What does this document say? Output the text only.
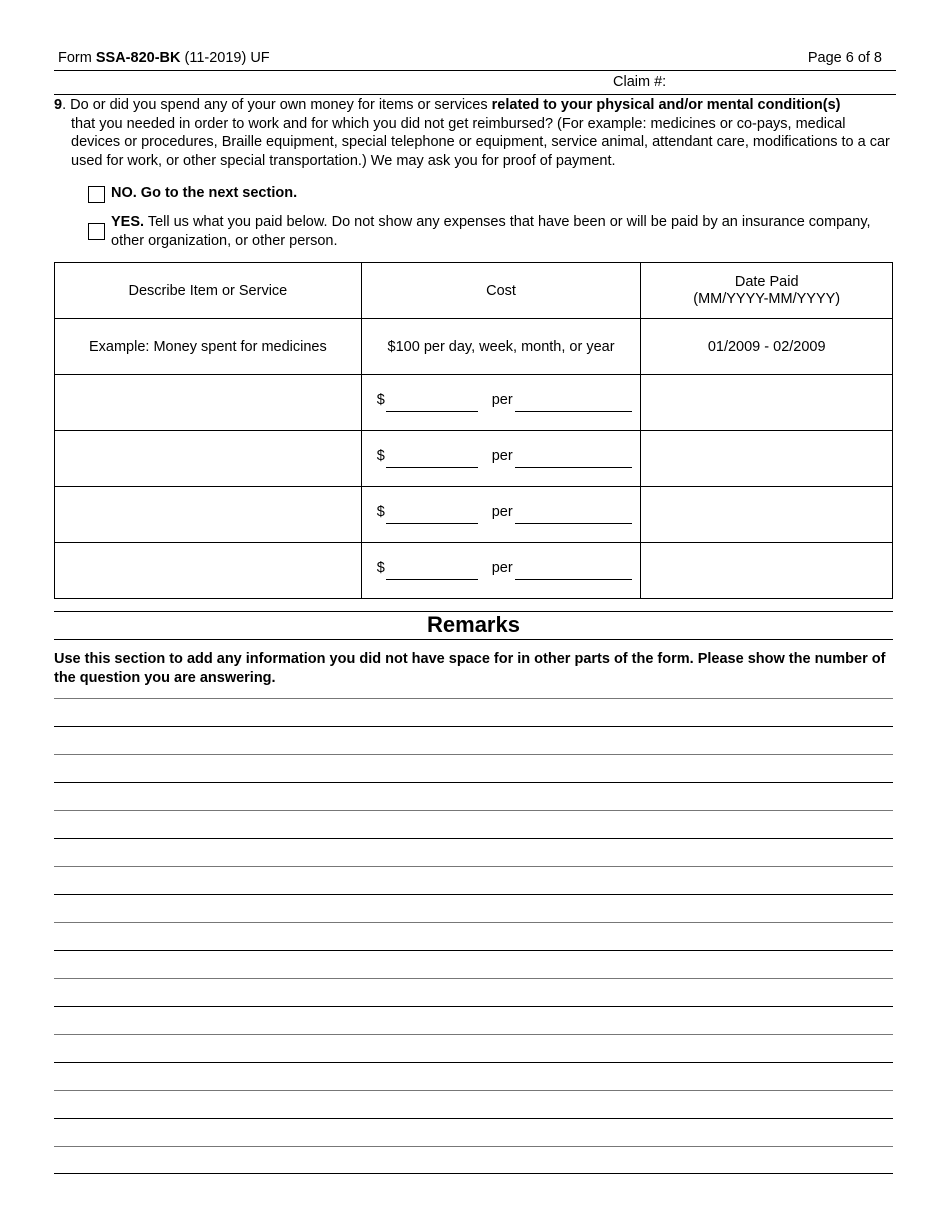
Form SSA-820-BK (11-2019) UF	Page 6 of 8
Claim #:
9. Do or did you spend any of your own money for items or services related to your physical and/or mental condition(s)
that you needed in order to work and for which you did not get reimbursed? (For example: medicines or co-pays, medical devices or procedures, Braille equipment, special telephone or equipment, service animal, attendant care, modifications to a car used for work, or other special transportation.) We may ask you for proof of payment.
NO. Go to the next section.
YES. Tell us what you paid below. Do not show any expenses that have been or will be paid by an insurance company, other organization, or other person.
Describe Item or Service	Cost	Date Paid
(MM/YYYY-MM/YYYY)

Example: Money spent for medicines	$100 per day, week, month, or year	01/2009 - 02/2009

	$ per	

	$ per	

	$ per	

	$ per	

Remarks
Use this section to add any information you did not have space for in other parts of the form. Please show the number of the question you are answering.
